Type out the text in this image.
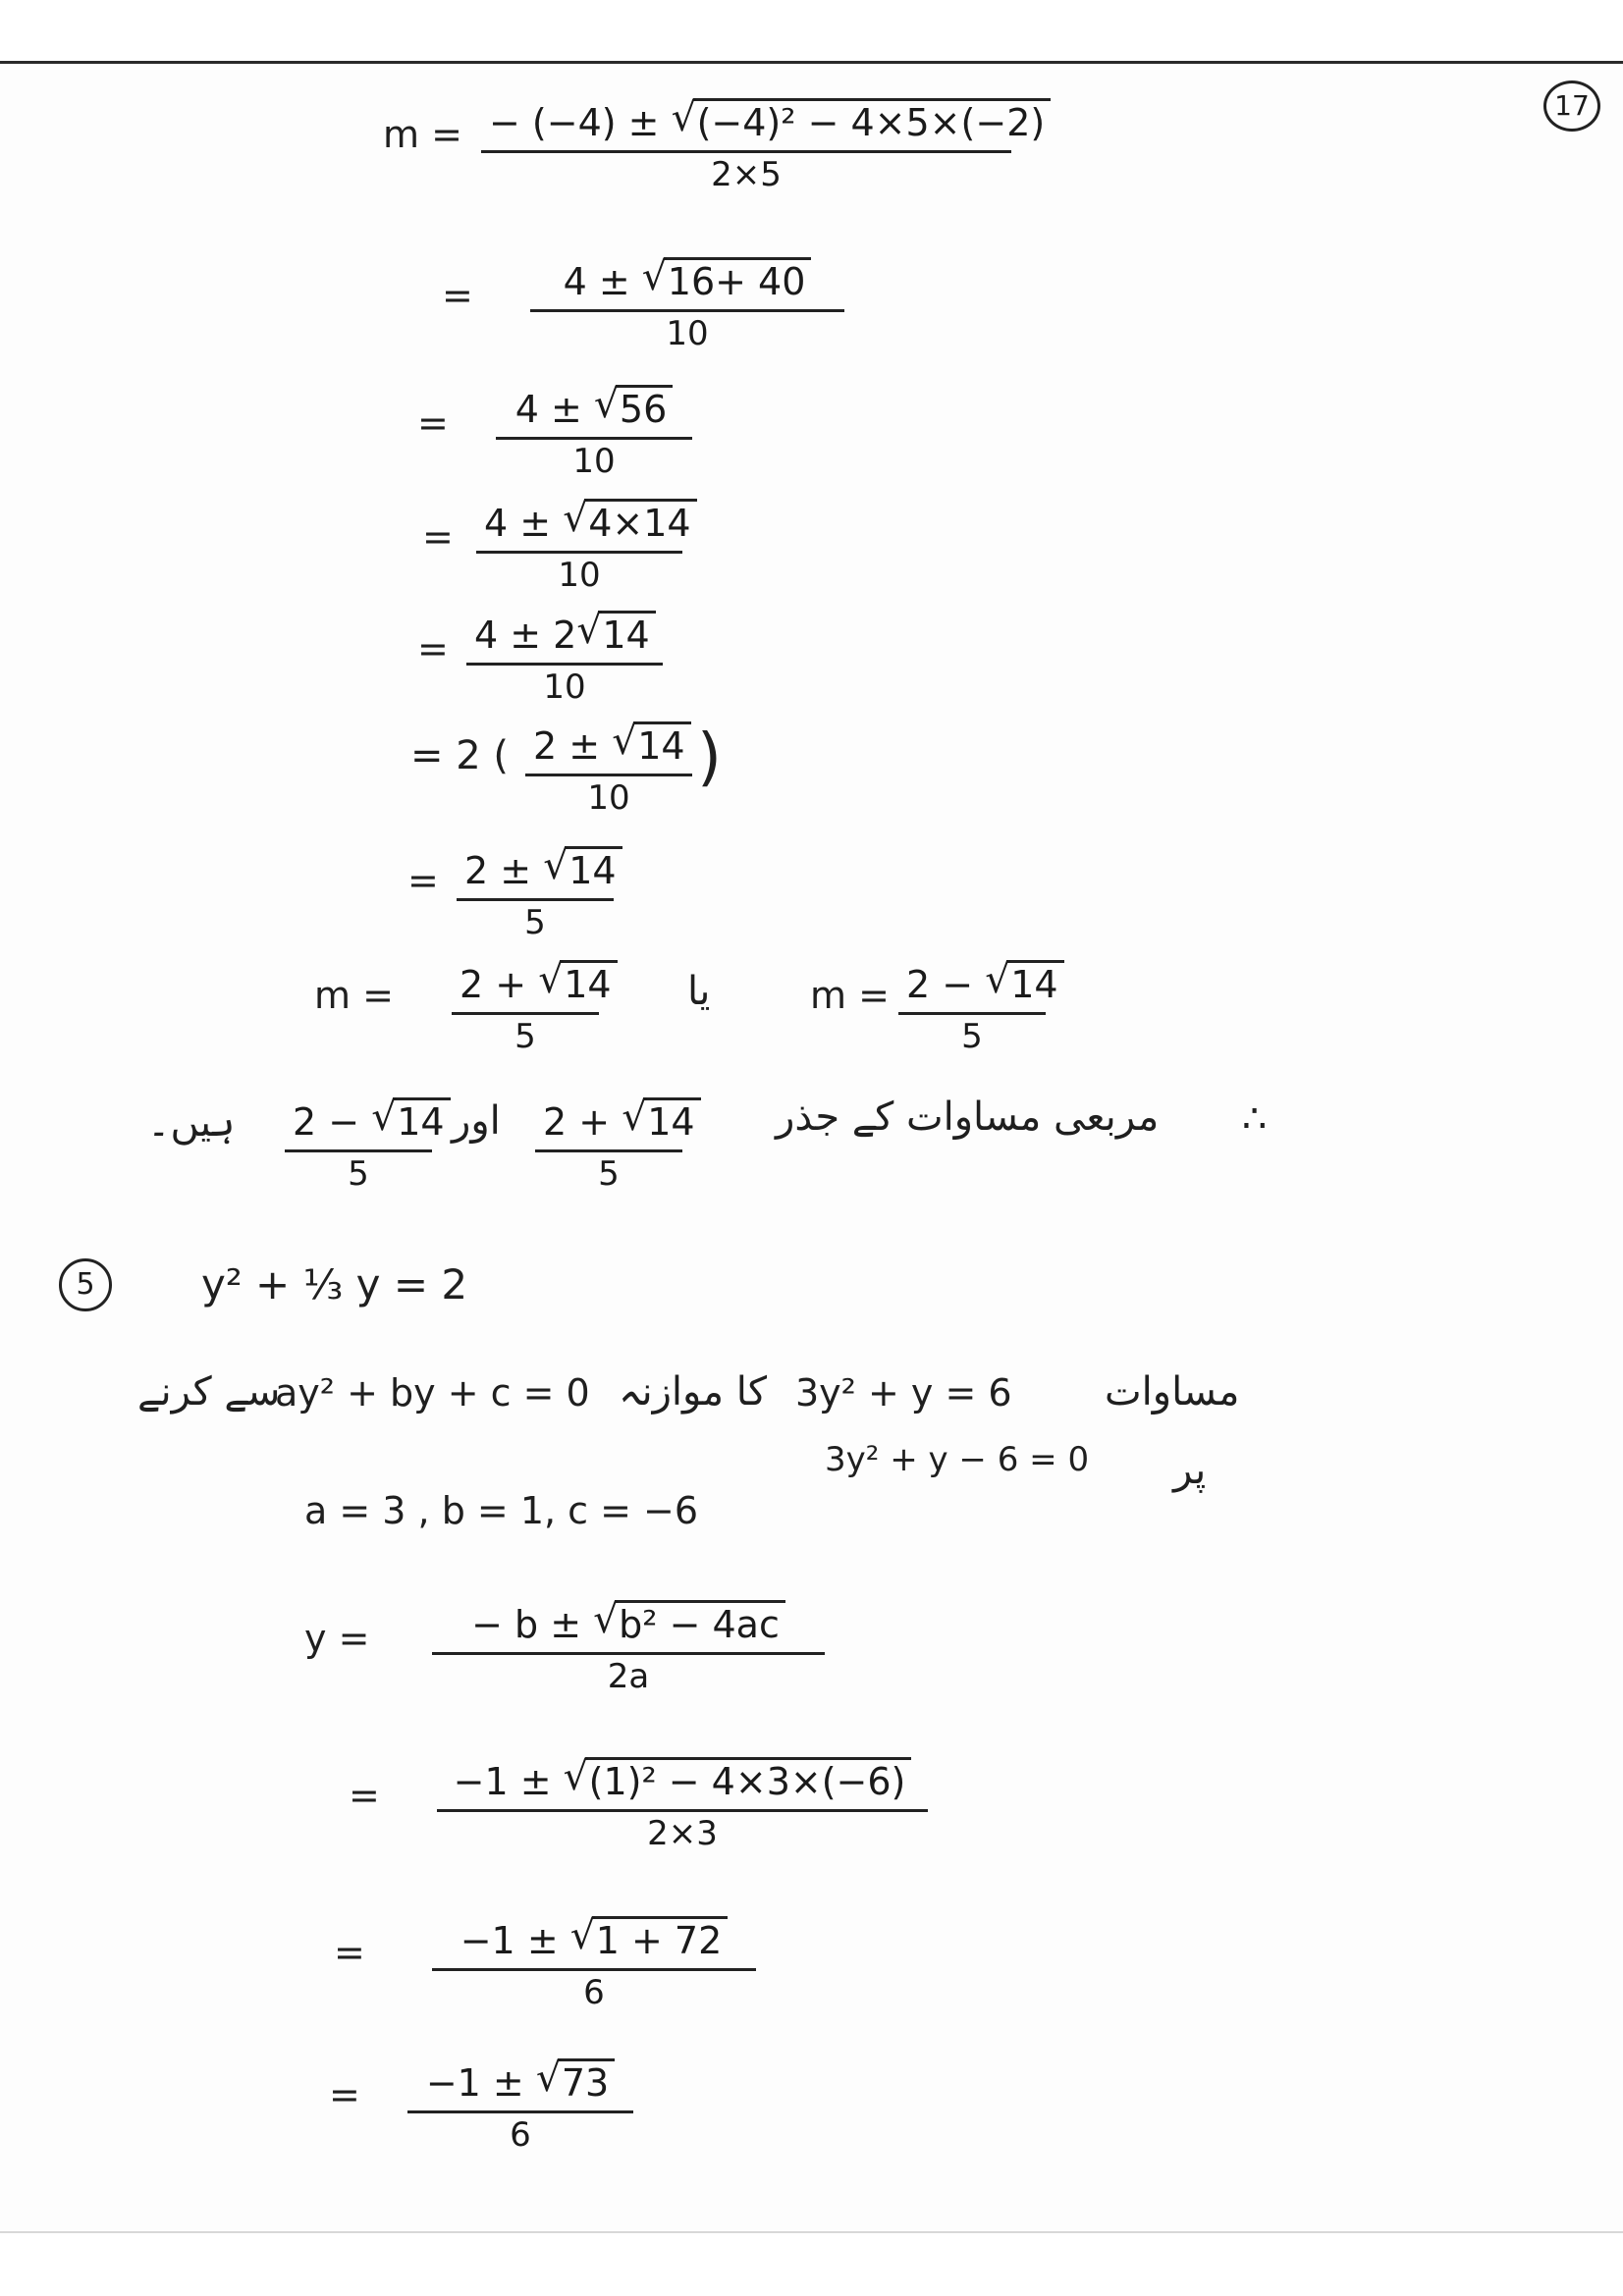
17
m = − (−4) ± √ (−4)² − 4×5×(−2)
2×5
=	4 ± √ 16+ 40
10
=	4 ± √ 56
10
= 4 ± √ 4×14
10
= 4 ± 2√ 14
10
= 2 ( 2 ± √ 14
10
)
= 2 ± √ 14
5
m = 2 + √ 14
5
یا	m = 2 − √ 14
5
∴
مربعی مساوات کے جذر
2 + √ 14
5
اور
2 − √ 14
5
ہیں۔
5	y² + ⅓ y = 2
مساوات
3y² + y = 6
کا موازنہ
ay² + by + c = 0
سے کرنے
3y² + y − 6 = 0 پر
a = 3 , b = 1, c = −6
y =	− b ± √ b² − 4ac
2a
=	−1 ± √ (1)² − 4×3×(−6)
2×3
=	−1 ± √ 1 + 72
6
=	−1 ± √ 73
6
